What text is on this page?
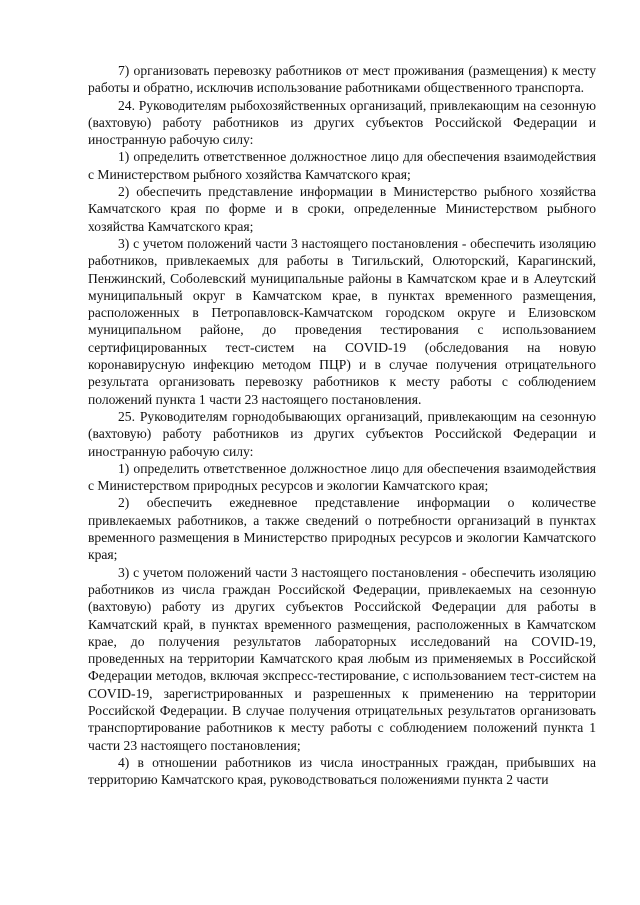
7) организовать перевозку работников от мест проживания (размещения) к месту работы и обратно, исключив использование работниками общественного транспорта.

24. Руководителям рыбохозяйственных организаций, привлекающим на сезонную (вахтовую) работу работников из других субъектов Российской Федерации и иностранную рабочую силу:

1) определить ответственное должностное лицо для обеспечения взаимодействия с Министерством рыбного хозяйства Камчатского края;

2) обеспечить представление информации в Министерство рыбного хозяйства Камчатского края по форме и в сроки, определенные Министерством рыбного хозяйства Камчатского края;

3) с учетом положений части 3 настоящего постановления - обеспечить изоляцию работников, привлекаемых для работы в Тигильский, Олюторский, Карагинский, Пенжинский, Соболевский муниципальные районы в Камчатском крае и в Алеутский муниципальный округ в Камчатском крае, в пунктах временного размещения, расположенных в Петропавловск-Камчатском городском округе и Елизовском муниципальном районе, до проведения тестирования с использованием сертифицированных тест-систем на COVID-19 (обследования на новую коронавирусную инфекцию методом ПЦР) и в случае получения отрицательного результата организовать перевозку работников к месту работы с соблюдением положений пункта 1 части 23 настоящего постановления.

25. Руководителям горнодобывающих организаций, привлекающим на сезонную (вахтовую) работу работников из других субъектов Российской Федерации и иностранную рабочую силу:

1) определить ответственное должностное лицо для обеспечения взаимодействия с Министерством природных ресурсов и экологии Камчатского края;

2) обеспечить ежедневное представление информации о количестве привлекаемых работников, а также сведений о потребности организаций в пунктах временного размещения в Министерство природных ресурсов и экологии Камчатского края;

3) с учетом положений части 3 настоящего постановления - обеспечить изоляцию работников из числа граждан Российской Федерации, привлекаемых на сезонную (вахтовую) работу из других субъектов Российской Федерации для работы в Камчатский край, в пунктах временного размещения, расположенных в Камчатском крае, до получения результатов лабораторных исследований на COVID-19, проведенных на территории Камчатского края любым из применяемых в Российской Федерации методов, включая экспресс-тестирование, с использованием тест-систем на COVID-19, зарегистрированных и разрешенных к применению на территории Российской Федерации. В случае получения отрицательных результатов организовать транспортирование работников к месту работы с соблюдением положений пункта 1 части 23 настоящего постановления;

4) в отношении работников из числа иностранных граждан, прибывших на территорию Камчатского края, руководствоваться положениями пункта 2 части
